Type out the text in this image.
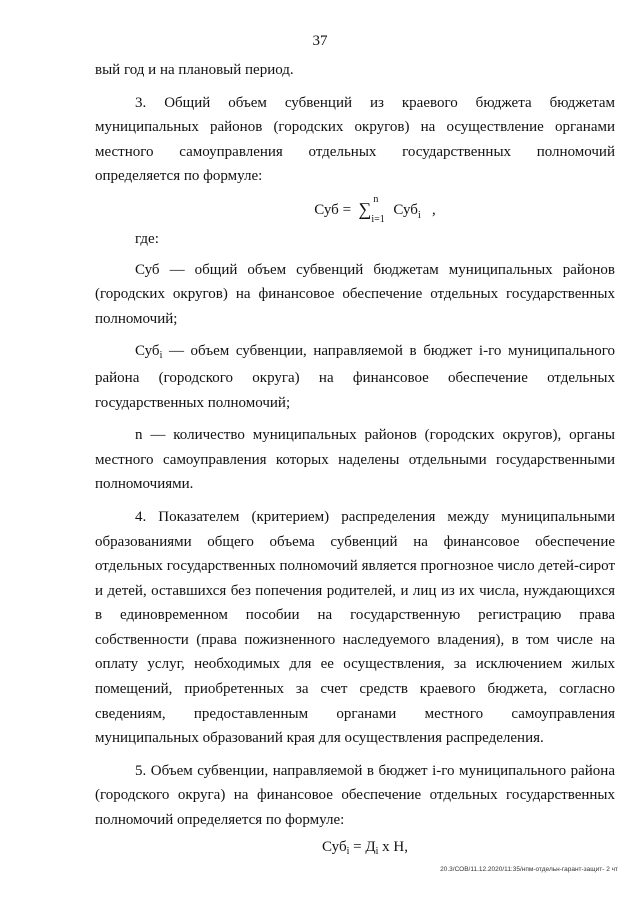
37

вый год и на плановый период.

3. Общий объем субвенций из краевого бюджета бюджетам муниципальных районов (городских округов) на осуществление органами местного самоуправления отдельных государственных полномочий определяется по формуле:

Суб = ∑ n
i=1
Суб$_i$ ,

где:

Суб — общий объем субвенций бюджетам муниципальных районов (городских округов) на финансовое обеспечение отдельных государственных полномочий;

Суб$_i$ — объем субвенции, направляемой в бюджет i-го муниципального района (городского округа) на финансовое обеспечение отдельных государственных полномочий;

n — количество муниципальных районов (городских округов), органы местного самоуправления которых наделены отдельными государственными полномочиями.

4. Показателем (критерием) распределения между муниципальными образованиями общего объема субвенций на финансовое обеспечение отдельных государственных полномочий является прогнозное число детей-сирот и детей, оставшихся без попечения родителей, и лиц из их числа, нуждающихся в единовременном пособии на государственную регистрацию права собственности (права пожизненного наследуемого владения), в том числе на оплату услуг, необходимых для ее осуществления, за исключением жилых помещений, приобретенных за счет средств краевого бюджета, согласно сведениям, предоставленным органами местного самоуправления муниципальных образований края для осуществления распределения.

5. Объем субвенции, направляемой в бюджет i-го муниципального района (городского округа) на финансовое обеспечение отдельных государственных полномочий определяется по формуле:

$Суб_i = Д_i$ x Н,
20.3/СОВ/11.12.2020/11:35/нпм-отдельн-гарант-защит- 2 чт
